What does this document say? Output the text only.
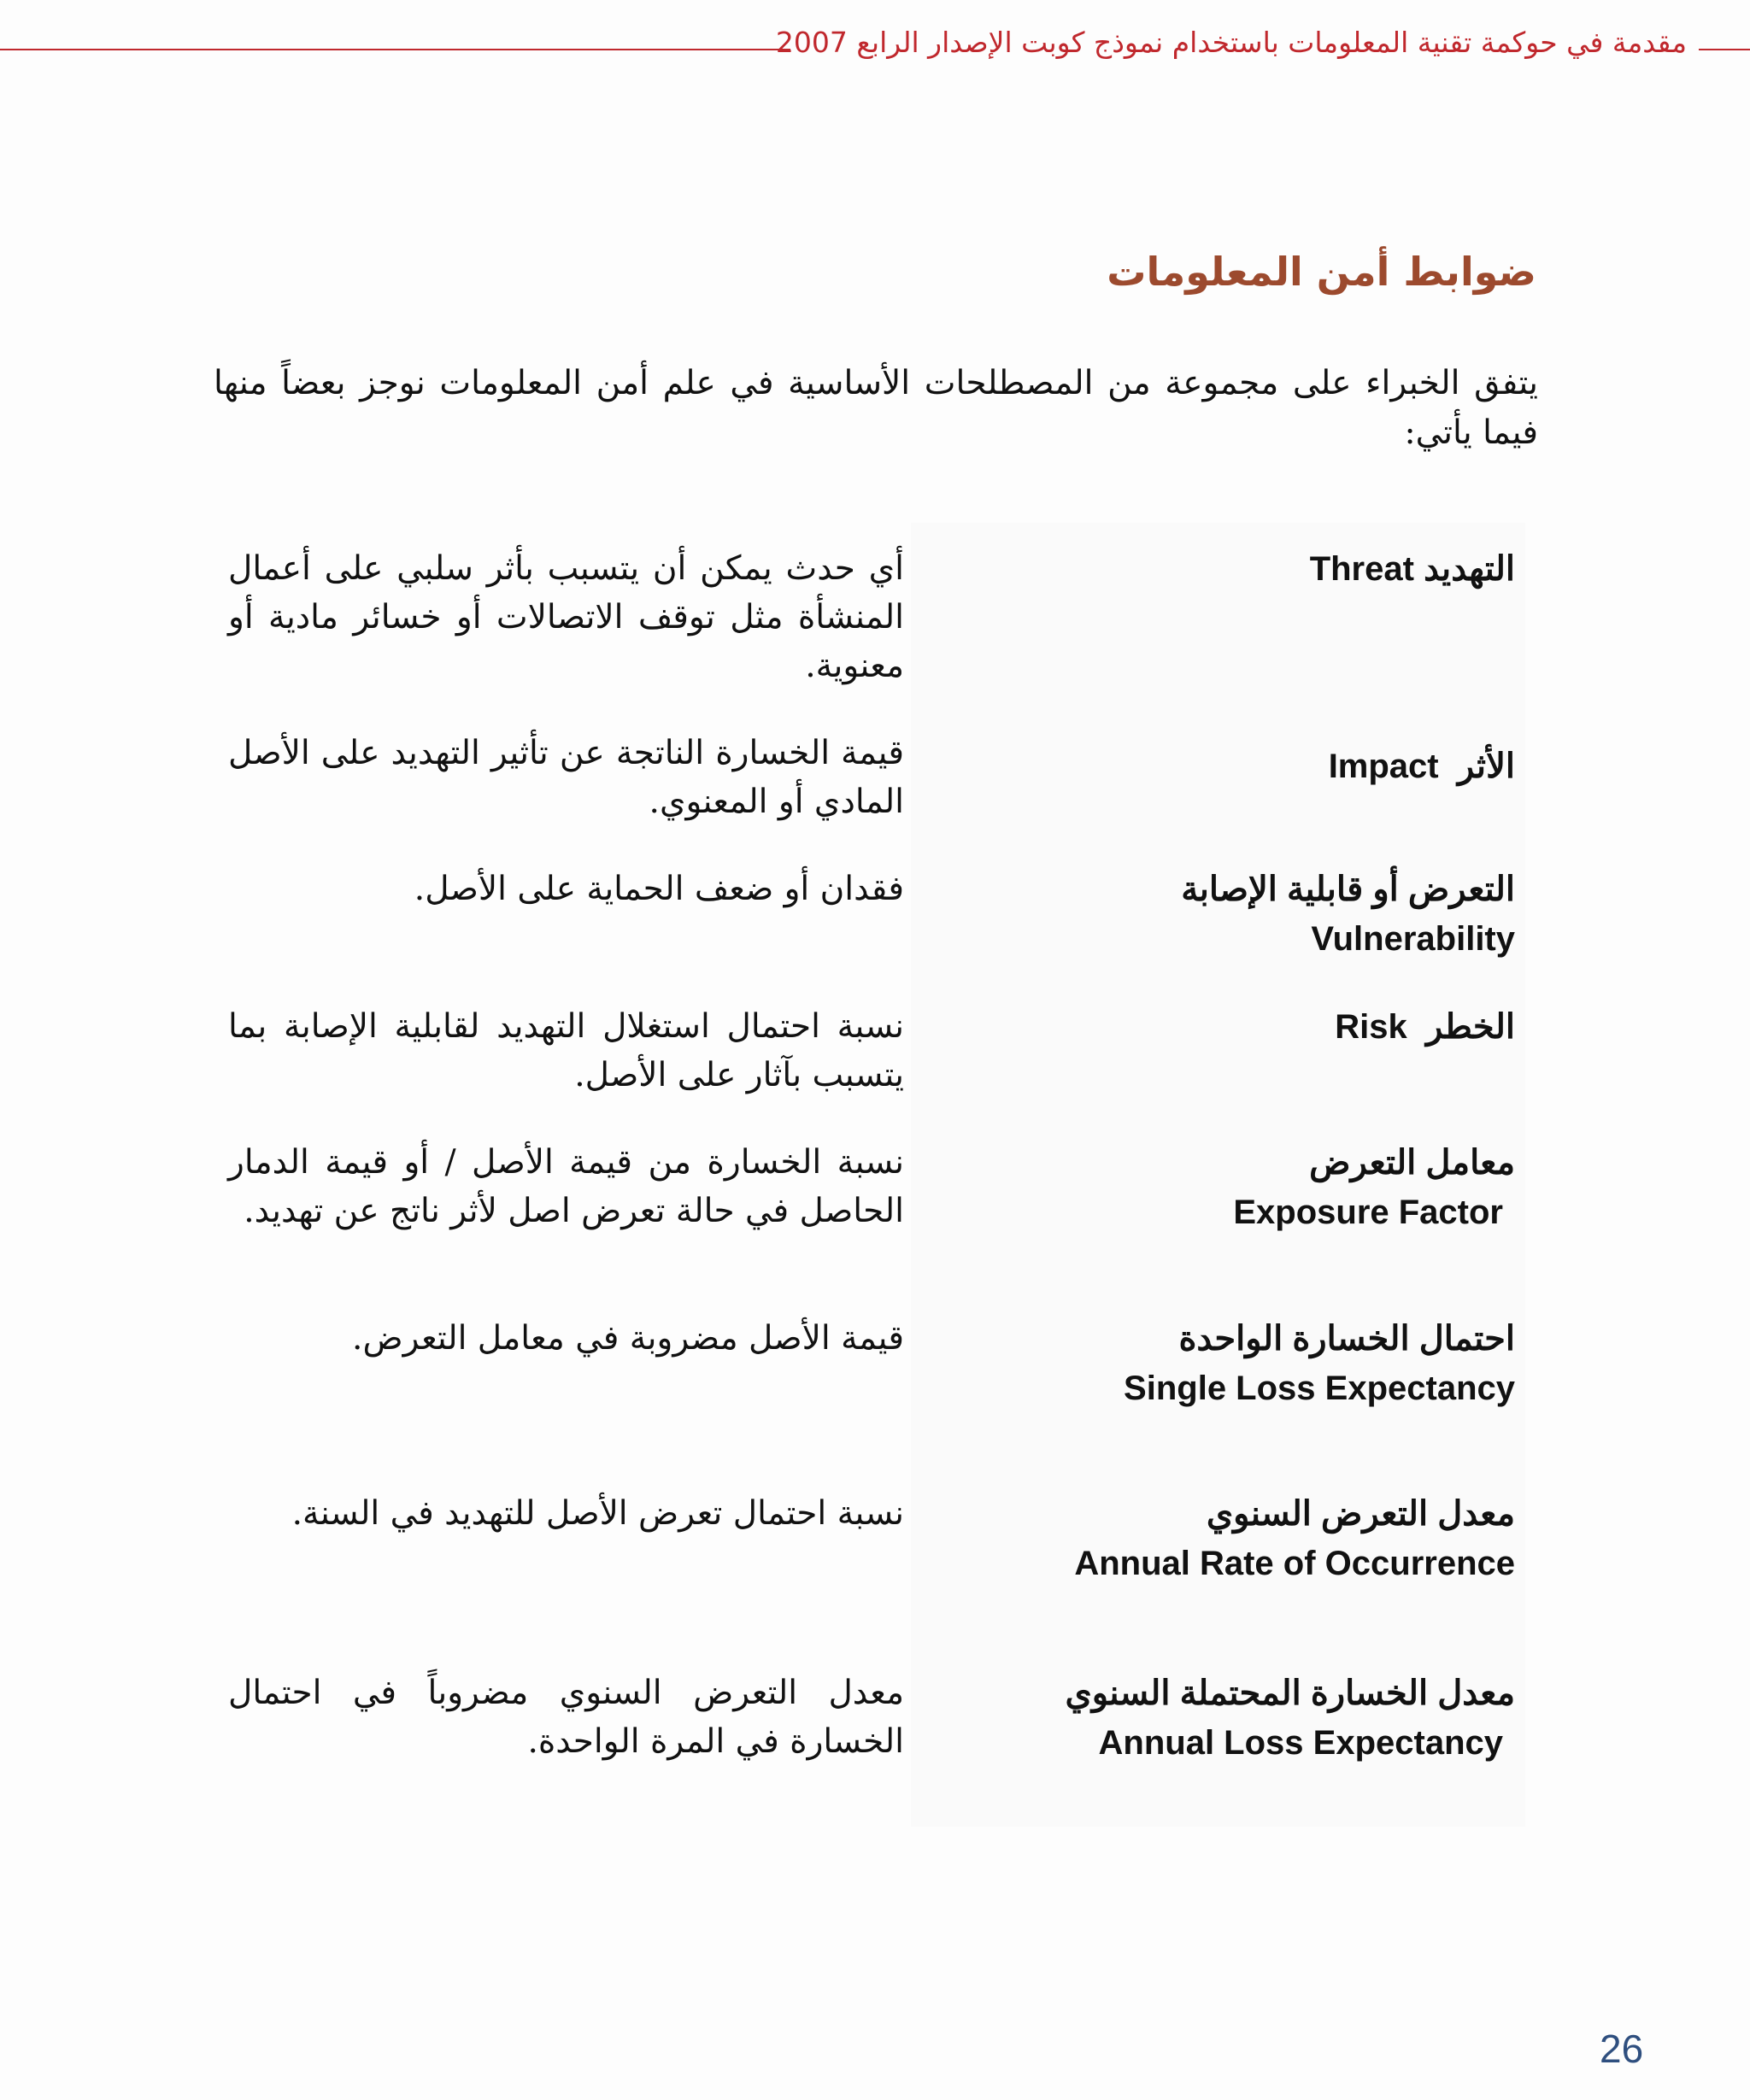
مقدمة في حوكمة تقنية المعلومات باستخدام نموذج كوبت الإصدار الرابع 2007
ضوابط أمن المعلومات
يتفق الخبراء على مجموعة من المصطلحات الأساسية في علم أمن المعلومات نوجز بعضاً منها فيما يأتي:
التهديد Threat	أي حدث يمكن أن يتسبب بأثر سلبي على أعمال المنشأة مثل توقف الاتصالات أو خسائر مادية أو معنوية.
الأثر  Impact	قيمة الخسارة الناتجة عن تأثير التهديد على الأصل المادي أو المعنوي.

التعرض أو قابلية الإصابة
Vulnerability	فقدان أو ضعف الحماية على الأصل.
الخطر  Risk	نسبة احتمال استغلال التهديد لقابلية الإصابة بما يتسبب بآثار على الأصل.

معامل التعرض
Exposure Factor	نسبة الخسارة من قيمة الأصل / أو قيمة الدمار الحاصل في حالة تعرض اصل لأثر ناتج عن تهديد.

احتمال الخسارة الواحدة
Single Loss Expectancy	قيمة الأصل مضروبة في معامل التعرض.

معدل التعرض السنوي
Annual Rate of Occurrence	نسبة احتمال تعرض الأصل للتهديد في السنة.

معدل الخسارة المحتملة السنوي
Annual Loss Expectancy	معدل التعرض السنوي مضروباً في احتمال الخسارة في المرة الواحدة.
26
